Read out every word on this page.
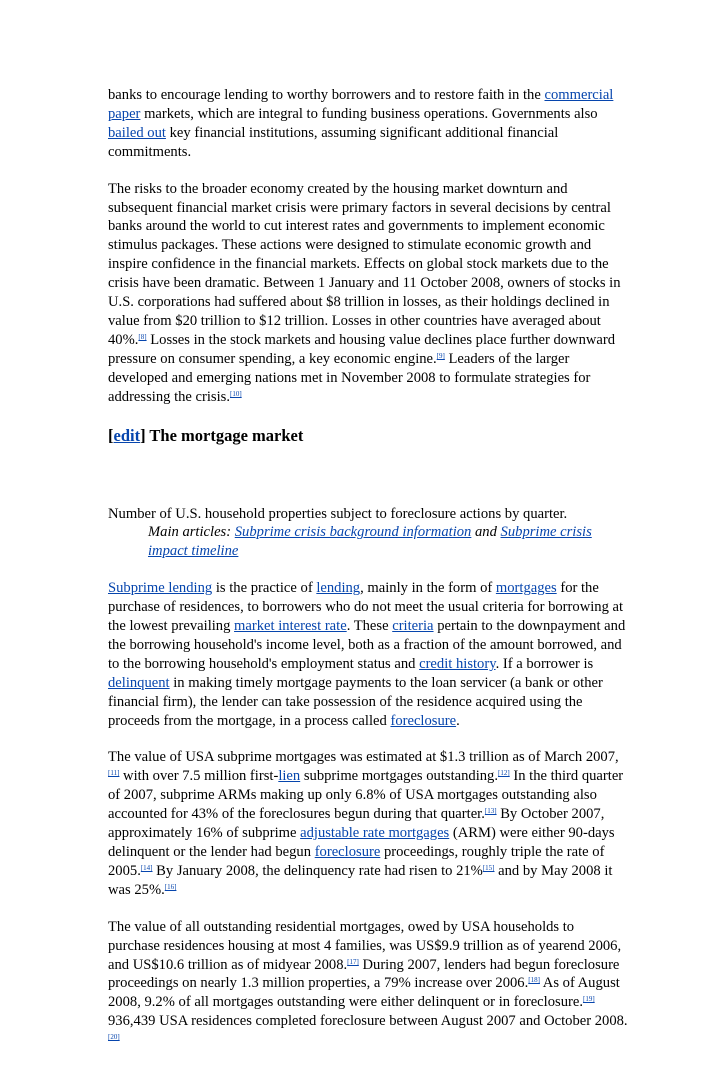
banks to encourage lending to worthy borrowers and to restore faith in the commercial paper markets, which are integral to funding business operations. Governments also bailed out key financial institutions, assuming significant additional financial commitments.

The risks to the broader economy created by the housing market downturn and subsequent financial market crisis were primary factors in several decisions by central banks around the world to cut interest rates and governments to implement economic stimulus packages. These actions were designed to stimulate economic growth and inspire confidence in the financial markets. Effects on global stock markets due to the crisis have been dramatic. Between 1 January and 11 October 2008, owners of stocks in U.S. corporations had suffered about $8 trillion in losses, as their holdings declined in value from $20 trillion to $12 trillion. Losses in other countries have averaged about 40%.[8] Losses in the stock markets and housing value declines place further downward pressure on consumer spending, a key economic engine.[9] Leaders of the larger developed and emerging nations met in November 2008 to formulate strategies for addressing the crisis.[10]

[edit] The mortgage market

Number of U.S. household properties subject to foreclosure actions by quarter.

Main articles: Subprime crisis background information and Subprime crisis impact timeline

Subprime lending is the practice of lending, mainly in the form of mortgages for the purchase of residences, to borrowers who do not meet the usual criteria for borrowing at the lowest prevailing market interest rate. These criteria pertain to the downpayment and the borrowing household's income level, both as a fraction of the amount borrowed, and to the borrowing household's employment status and credit history. If a borrower is delinquent in making timely mortgage payments to the loan servicer (a bank or other financial firm), the lender can take possession of the residence acquired using the proceeds from the mortgage, in a process called foreclosure.

The value of USA subprime mortgages was estimated at $1.3 trillion as of March 2007, [11] with over 7.5 million first-lien subprime mortgages outstanding.[12] In the third quarter of 2007, subprime ARMs making up only 6.8% of USA mortgages outstanding also accounted for 43% of the foreclosures begun during that quarter.[13] By October 2007, approximately 16% of subprime adjustable rate mortgages (ARM) were either 90-days delinquent or the lender had begun foreclosure proceedings, roughly triple the rate of 2005.[14] By January 2008, the delinquency rate had risen to 21%[15] and by May 2008 it was 25%.[16]

The value of all outstanding residential mortgages, owed by USA households to purchase residences housing at most 4 families, was US$9.9 trillion as of yearend 2006, and US$10.6 trillion as of midyear 2008.[17] During 2007, lenders had begun foreclosure proceedings on nearly 1.3 million properties, a 79% increase over 2006.[18] As of August 2008, 9.2% of all mortgages outstanding were either delinquent or in foreclosure.[19] 936,439 USA residences completed foreclosure between August 2007 and October 2008.[20]
